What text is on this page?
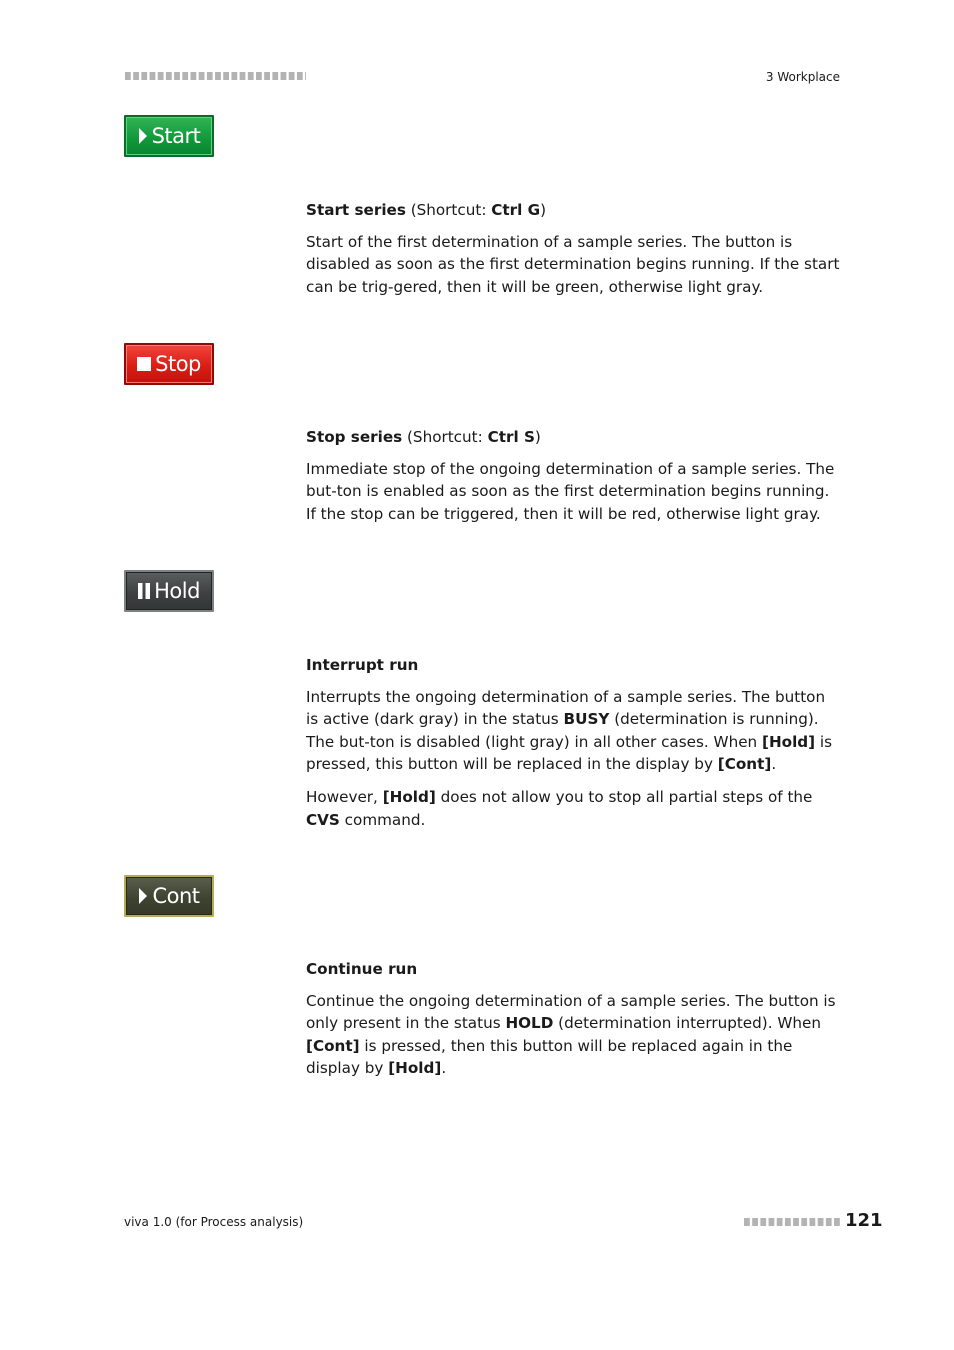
3 Workplace
Start
Start series (Shortcut: Ctrl G)

Start of the first determination of a sample series. The button is disabled as soon as the first determination begins running. If the start can be trig-gered, then it will be green, otherwise light gray.

Stop
Stop series (Shortcut: Ctrl S)

Immediate stop of the ongoing determination of a sample series. The but-ton is enabled as soon as the first determination begins running. If the stop can be triggered, then it will be red, otherwise light gray.

Hold
Interrupt run

Interrupts the ongoing determination of a sample series. The button is active (dark gray) in the status BUSY (determination is running). The but-ton is disabled (light gray) in all other cases. When [Hold] is pressed, this button will be replaced in the display by [Cont].

However, [Hold] does not allow you to stop all partial steps of the CVS command.

Cont
Continue run

Continue the ongoing determination of a sample series. The button is only present in the status HOLD (determination interrupted). When [Cont] is pressed, then this button will be replaced again in the display by [Hold].

viva 1.0 (for Process analysis)	121
